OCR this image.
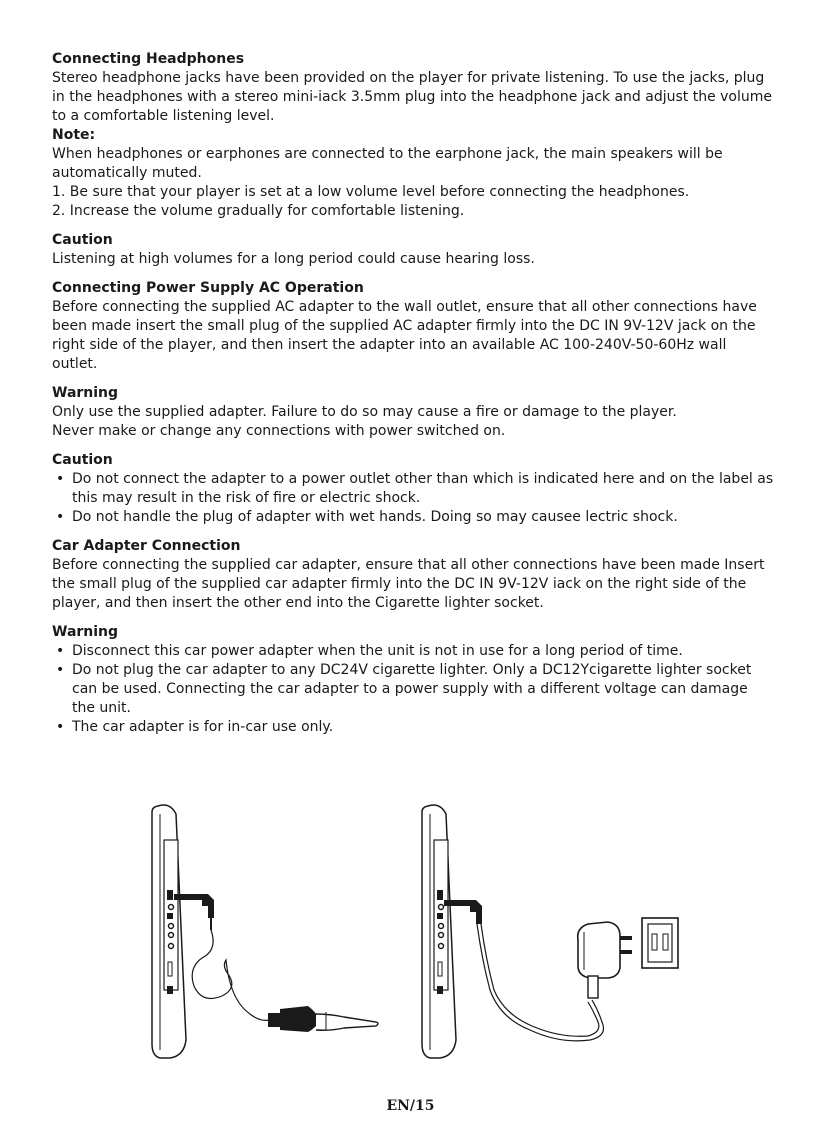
Connecting Headphones

Stereo headphone jacks have been provided on the player for private listening. To use the jacks, plug in the headphones with a stereo mini-iack 3.5mm plug into the headphone jack and adjust the volume to a comfortable listening level.

Note:

When headphones or earphones are connected to the earphone jack, the main speakers will be automatically muted.

1. Be sure that your player is set at a low volume level before connecting the headphones.

2. Increase the volume gradually for comfortable listening.

Caution

Listening at high volumes for a long period could cause hearing loss.

Connecting Power Supply AC Operation

Before connecting the supplied AC adapter to the wall outlet, ensure that all other connections have been made insert the small plug of the supplied AC adapter firmly into the DC IN 9V-12V jack on the right side of the player, and then insert the adapter into an available AC 100-240V-50-60Hz wall outlet.

Warning

Only use the supplied adapter. Failure to do so may cause a fire or damage to the player.

Never make or change any connections with power switched on.

Caution

• Do not connect the adapter to a power outlet other than which is indicated here and on the label as this may result in the risk of fire or electric shock.
• Do not handle the plug of adapter with wet hands. Doing so may causee lectric shock.

Car Adapter Connection

Before connecting the supplied car adapter, ensure that all other connections have been made Insert the small plug of the supplied car adapter firmly into the DC IN 9V-12V iack on the right side of the player, and then insert the other end into the Cigarette lighter socket.

Warning

• Disconnect this car power adapter when the unit is not in use for a long period of time.
• Do not plug the car adapter to any DC24V cigarette lighter. Only a DC12Ycigarette lighter socket can be used. Connecting the car adapter to a power supply with a different voltage can damage the unit.
• The car adapter is for in-car use only.
EN/15
